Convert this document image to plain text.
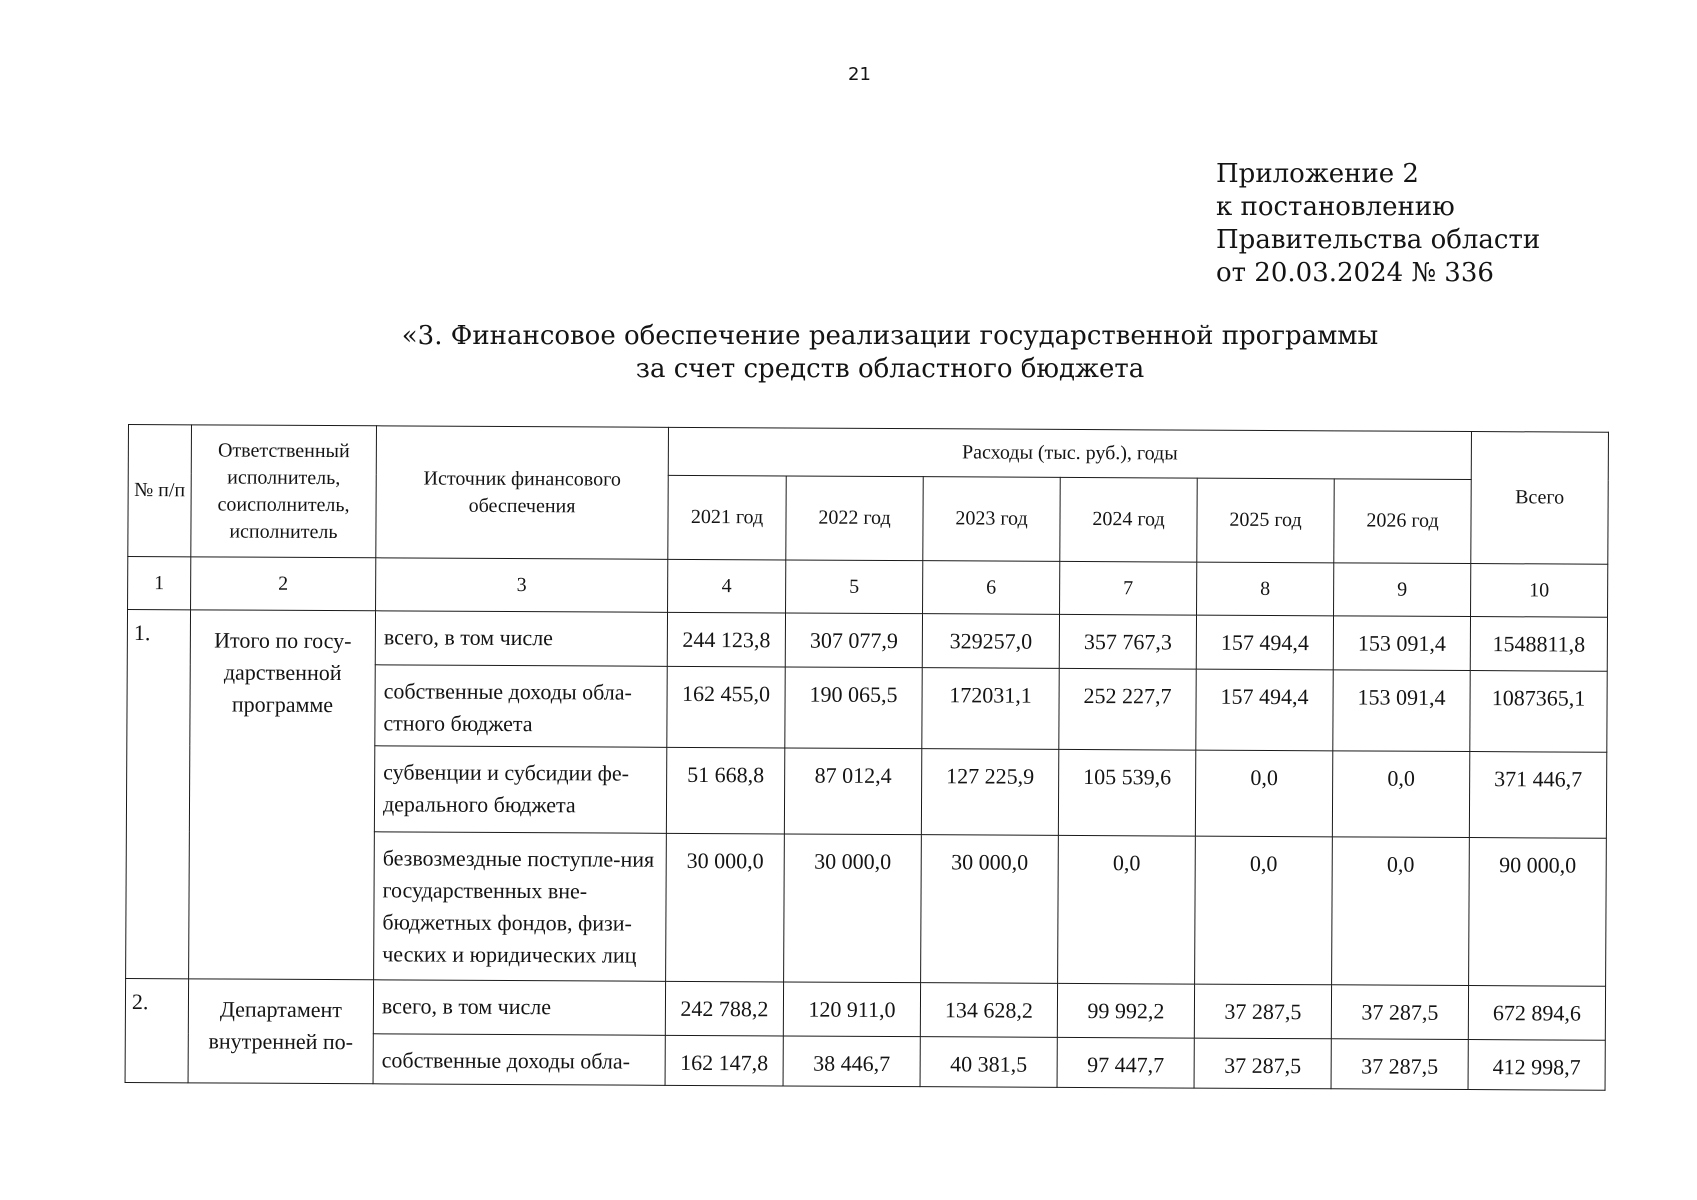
21
Приложение 2
к постановлению
Правительства области
от 20.03.2024 № 336
«3. Финансовое обеспечение реализации государственной программы
за счет средств областного бюджета
№ п/п	Ответственный исполнитель, соисполнитель, исполнитель	Источник финансового обеспечения	Расходы (тыс. руб.), годы						Всего
			2021 год	2022 год	2023 год	2024 год	2025 год	2026 год	
1	2	3	4	5	6	7	8	9	10
1.	Итого по госу-дарственной программе	всего, в том числе	244 123,8	307 077,9	329257,0	357 767,3	157 494,4	153 091,4	1548811,8
		собственные доходы обла-стного бюджета	162 455,0	190 065,5	172031,1	252 227,7	157 494,4	153 091,4	1087365,1
		субвенции и субсидии фе-дерального бюджета	51 668,8	87 012,4	127 225,9	105 539,6	0,0	0,0	371 446,7
		безвозмездные поступле-ния государственных вне-бюджетных фондов, физи-ческих и юридических лиц	30 000,0	30 000,0	30 000,0	0,0	0,0	0,0	90 000,0
2.	Департамент внутренней по-	всего, в том числе	242 788,2	120 911,0	134 628,2	99 992,2	37 287,5	37 287,5	672 894,6
		собственные доходы обла-	162 147,8	38 446,7	40 381,5	97 447,7	37 287,5	37 287,5	412 998,7
